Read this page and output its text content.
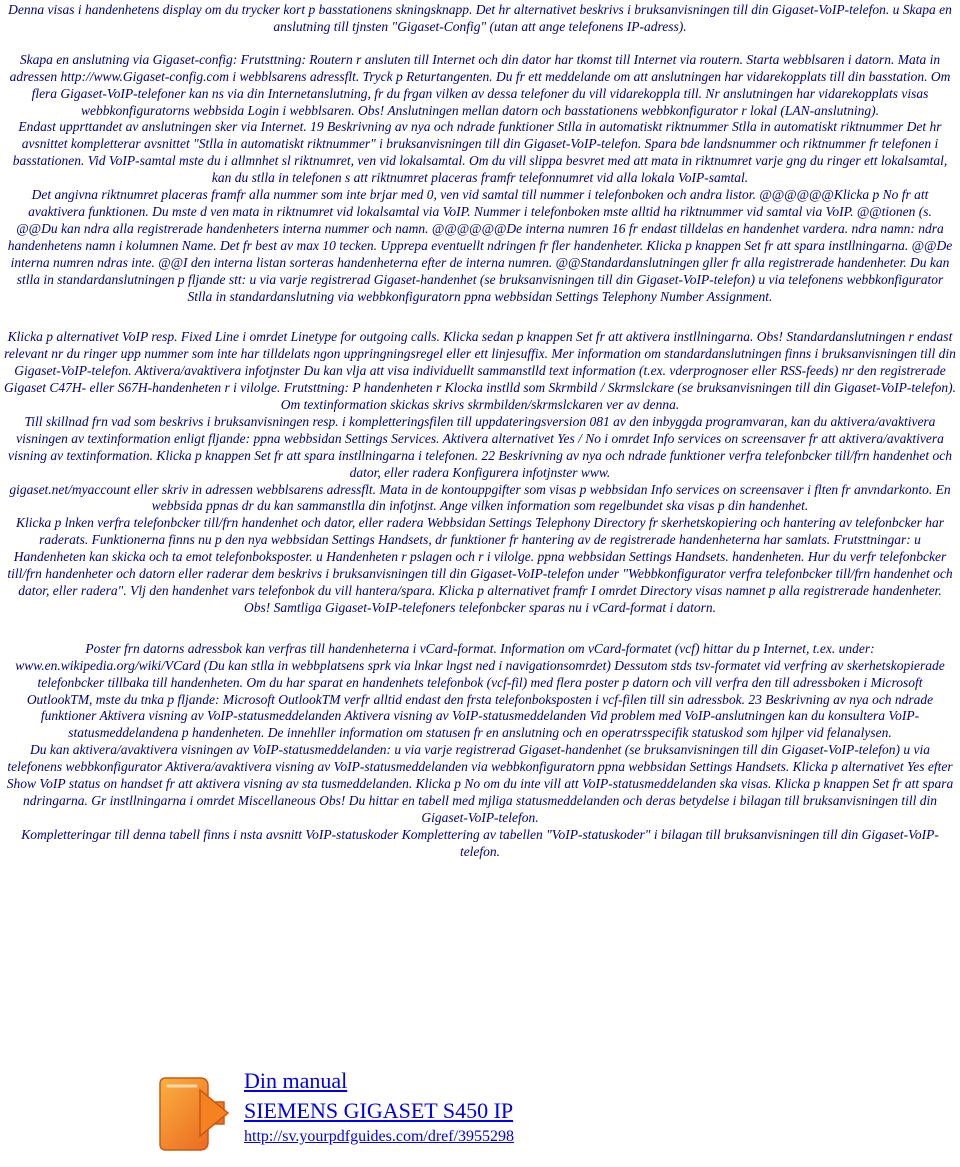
Denna visas i handenhetens display om du trycker kort p basstationens skningsknapp. Det hr alternativet beskrivs i bruksanvisningen till din Gigaset-VoIP-telefon. u Skapa en anslutning till tjnsten "Gigaset-Config" (utan att ange telefonens IP-adress).

Skapa en anslutning via Gigaset-config: Frutsttning: Routern r ansluten till Internet och din dator har tkomst till Internet via routern. Starta webblsaren i datorn. Mata in adressen http://www.Gigaset-config.com i webblsarens adressflt. Tryck p Returtangenten. Du fr ett meddelande om att anslutningen har vidarekopplats till din basstation. Om flera Gigaset-VoIP-telefoner kan ns via din Internetanslutning, fr du frgan vilken av dessa telefoner du vill vidarekoppla till. Nr anslutningen har vidarekopplats visas webbkonfiguratorns webbsida Login i webblsaren. Obs! Anslutningen mellan datorn och basstationens webbkonfigurator r lokal (LAN-anslutning).

Endast upprttandet av anslutningen sker via Internet. 19 Beskrivning av nya och ndrade funktioner Stlla in automatiskt riktnummer Stlla in automatiskt riktnummer Det hr avsnittet kompletterar avsnittet "Stlla in automatiskt riktnummer" i bruksanvisningen till din Gigaset-VoIP-telefon. Spara bde landsnummer och riktnummer fr telefonen i basstationen. Vid VoIP-samtal mste du i allmnhet sl riktnumret, ven vid lokalsamtal. Om du vill slippa besvret med att mata in riktnumret varje gng du ringer ett lokalsamtal, kan du stlla in telefonen s att riktnumret placeras framfr telefonnumret vid alla lokala VoIP-samtal.

Det angivna riktnumret placeras framfr alla nummer som inte brjar med 0, ven vid samtal till nummer i telefonboken och andra listor. @@@@@@Klicka p No fr att avaktivera funktionen. Du mste d ven mata in riktnumret vid lokalsamtal via VoIP. Nummer i telefonboken mste alltid ha riktnummer vid samtal via VoIP. @@tionen (s.

@@Du kan ndra alla registrerade handenheters interna nummer och namn. @@@@@@De interna numren 16 fr endast tilldelas en handenhet vardera. ndra namn: ndra handenhetens namn i kolumnen Name. Det fr best av max 10 tecken. Upprepa eventuellt ndringen fr fler handenheter. Klicka p knappen Set fr att spara instllningarna. @@De interna numren ndras inte. @@I den interna listan sorteras handenheterna efter de interna numren. @@Standardanslutningen gller fr alla registrerade handenheter. Du kan stlla in standardanslutningen p fljande stt: u via varje registrerad Gigaset-handenhet (se bruksanvisningen till din Gigaset-VoIP-telefon) u via telefonens webbkonfigurator Stlla in standardanslutning via webbkonfiguratorn ppna webbsidan Settings Telephony Number Assignment.

Klicka p alternativet VoIP resp. Fixed Line i omrdet Linetype for outgoing calls. Klicka sedan p knappen Set fr att aktivera instllningarna. Obs! Standardanslutningen r endast relevant nr du ringer upp nummer som inte har tilldelats ngon uppringningsregel eller ett linjesuffix. Mer information om standardanslutningen finns i bruksanvisningen till din Gigaset-VoIP-telefon. Aktivera/avaktivera infotjnster Du kan vlja att visa individuellt sammanstlld text information (t.ex. vderprognoser eller RSS-feeds) nr den registrerade Gigaset C47H- eller S67H-handenheten r i vilolge. Frutsttning: P handenheten r Klocka instlld som Skrmbild / Skrmslckare (se bruksanvisningen till din Gigaset-VoIP-telefon). Om textinformation skickas skrivs skrmbilden/skrmslckaren ver av denna.

Till skillnad frn vad som beskrivs i bruksanvisningen resp. i kompletteringsfilen till uppdateringsversion 081 av den inbyggda programvaran, kan du aktivera/avaktivera visningen av textinformation enligt fljande: ppna webbsidan Settings Services. Aktivera alternativet Yes / No i omrdet Info services on screensaver fr att aktivera/avaktivera visning av textinformation. Klicka p knappen Set fr att spara instllningarna i telefonen. 22 Beskrivning av nya och ndrade funktioner verfra telefonbcker till/frn handenhet och dator, eller radera Konfigurera infotjnster www.

gigaset.net/myaccount eller skriv in adressen webblsarens adressflt. Mata in de kontouppgifter som visas p webbsidan Info services on screensaver i flten fr anvndarkonto. En webbsida ppnas dr du kan sammanstlla din infotjnst. Ange vilken information som regelbundet ska visas p din handenhet.

Klicka p lnken verfra telefonbcker till/frn handenhet och dator, eller radera Webbsidan Settings Telephony Directory fr skerhetskopiering och hantering av telefonbcker har raderats. Funktionerna finns nu p den nya webbsidan Settings Handsets, dr funktioner fr hantering av de registrerade handenheterna har samlats. Frutsttningar: u Handenheten kan skicka och ta emot telefonboksposter. u Handenheten r pslagen och r i vilolge. ppna webbsidan Settings Handsets. handenheten. Hur du verfr telefonbcker till/frn handenheter och datorn eller raderar dem beskrivs i bruksanvisningen till din Gigaset-VoIP-telefon under "Webbkonfigurator verfra telefonbcker till/frn handenhet och dator, eller radera". Vlj den handenhet vars telefonbok du vill hantera/spara. Klicka p alternativet framfr I omrdet Directory visas namnet p alla registrerade handenheter. Obs! Samtliga Gigaset-VoIP-telefoners telefonbcker sparas nu i vCard-format i datorn.

Poster frn datorns adressbok kan verfras till handenheterna i vCard-format. Information om vCard-formatet (vcf) hittar du p Internet, t.ex. under: www.en.wikipedia.org/wiki/VCard (Du kan stlla in webbplatsens sprk via lnkar lngst ned i navigationsomrdet) Dessutom stds tsv-formatet vid verfring av skerhetskopierade telefonbcker tillbaka till handenheten. Om du har sparat en handenhets telefonbok (vcf-fil) med flera poster p datorn och vill verfra den till adressboken i Microsoft OutlookTM, mste du tnka p fljande: Microsoft OutlookTM verfr alltid endast den frsta telefonboksposten i vcf-filen till sin adressbok. 23 Beskrivning av nya och ndrade funktioner Aktivera visning av VoIP-statusmeddelanden Aktivera visning av VoIP-statusmeddelanden Vid problem med VoIP-anslutningen kan du konsultera VoIP-statusmeddelandena p handenheten. De innehller information om statusen fr en anslutning och en operatrsspecifik statuskod som hjlper vid felanalysen.

Du kan aktivera/avaktivera visningen av VoIP-statusmeddelanden: u via varje registrerad Gigaset-handenhet (se bruksanvisningen till din Gigaset-VoIP-telefon) u via telefonens webbkonfigurator Aktivera/avaktivera visning av VoIP-statusmeddelanden via webbkonfiguratorn ppna webbsidan Settings Handsets. Klicka p alternativet Yes efter Show VoIP status on handset fr att aktivera visning av sta tusmeddelanden. Klicka p No om du inte vill att VoIP-statusmeddelanden ska visas. Klicka p knappen Set fr att spara ndringarna. Gr instllningarna i omrdet Miscellaneous Obs! Du hittar en tabell med mjliga statusmeddelanden och deras betydelse i bilagan till bruksanvisningen till din Gigaset-VoIP-telefon.

Kompletteringar till denna tabell finns i nsta avsnitt VoIP-statuskoder Komplettering av tabellen "VoIP-statuskoder" i bilagan till bruksanvisningen till din Gigaset-VoIP-telefon.

Din manual
SIEMENS GIGASET S450 IP
http://sv.yourpdfguides.com/dref/3955298
